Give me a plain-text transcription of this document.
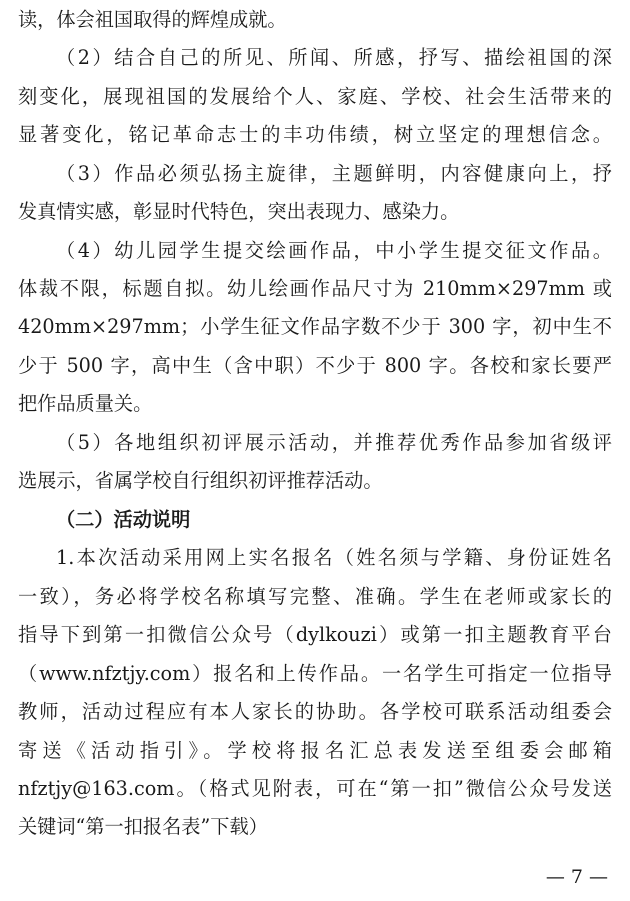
读，体会祖国取得的辉煌成就。
（2）结合自己的所见、所闻、所感，抒写、描绘祖国的深
刻变化，展现祖国的发展给个人、家庭、学校、社会生活带来的
显著变化，铭记革命志士的丰功伟绩，树立坚定的理想信念。
（3）作品必须弘扬主旋律，主题鲜明，内容健康向上，抒
发真情实感，彰显时代特色，突出表现力、感染力。
（4）幼儿园学生提交绘画作品，中小学生提交征文作品。
体裁不限，标题自拟。幼儿绘画作品尺寸为 210mm×297mm 或
420mm×297mm；小学生征文作品字数不少于 300 字，初中生不
少于 500 字，高中生（含中职）不少于 800 字。各校和家长要严
把作品质量关。
（5）各地组织初评展示活动，并推荐优秀作品参加省级评
选展示，省属学校自行组织初评推荐活动。
（二）活动说明
1.本次活动采用网上实名报名（姓名须与学籍、身份证姓名
一致），务必将学校名称填写完整、准确。学生在老师或家长的
指导下到第一扣微信公众号（dylkouzi）或第一扣主题教育平台
（www.nfztjy.com）报名和上传作品。一名学生可指定一位指导
教师，活动过程应有本人家长的协助。各学校可联系活动组委会
寄送《活动指引》。学校将报名汇总表发送至组委会邮箱
nfztjy@163.com。（格式见附表，可在“第一扣”微信公众号发送
关键词“第一扣报名表”下载）
— 7 —
